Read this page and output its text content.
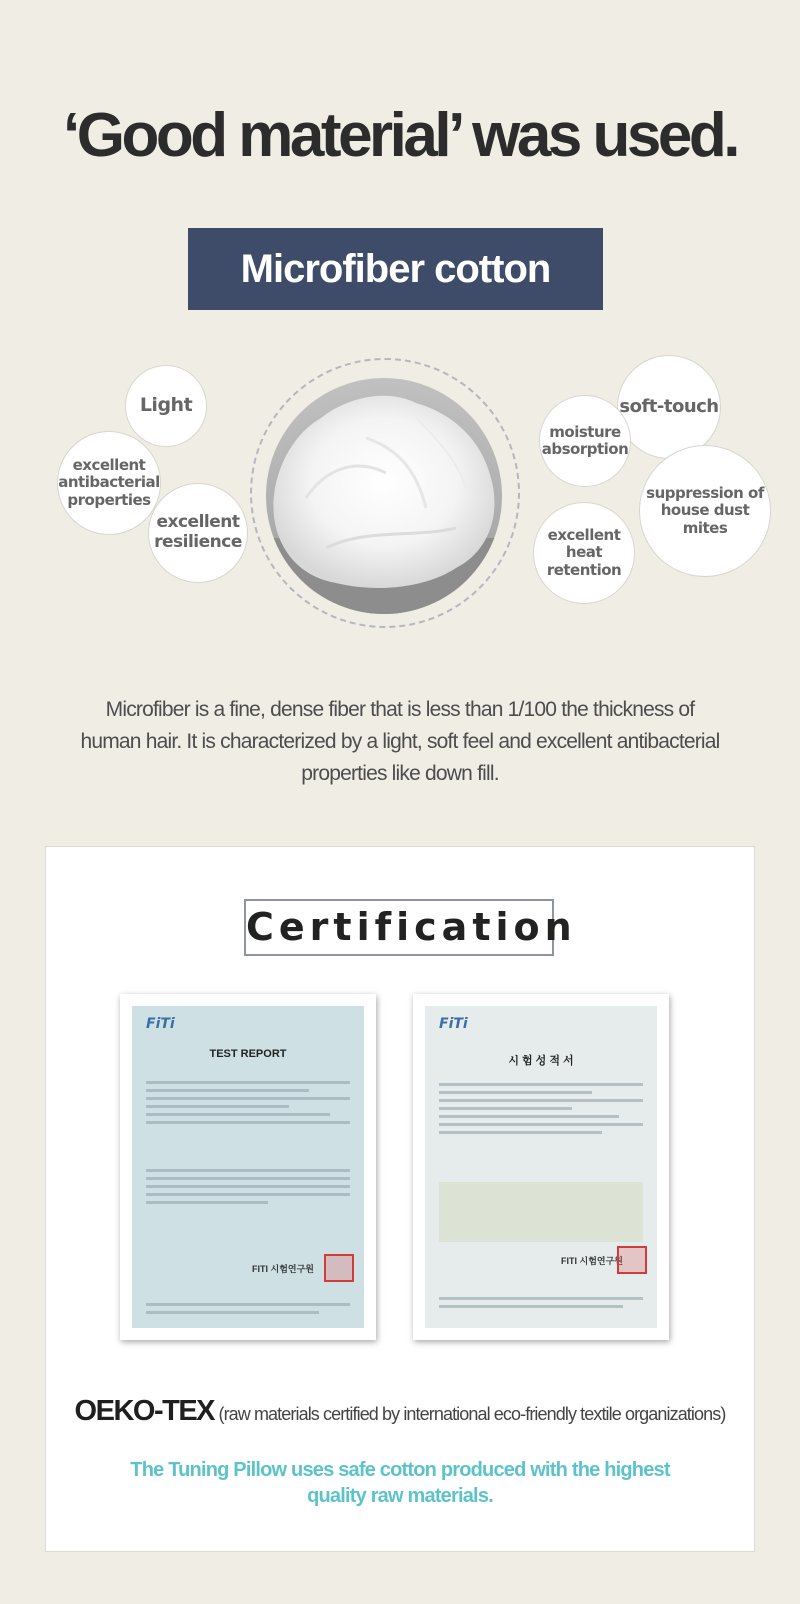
‘Good material’ was used.
Microfiber cotton
Light
excellent antibacterial properties
excellent resilience
soft-touch
moisture absorption
suppression of house dust mites
excellent heat retention
Microfiber is a fine, dense fiber that is less than 1/100 the thickness of human hair. It is characterized by a light, soft feel and excellent antibacterial properties like down fill.
Certification
FiTi
TEST REPORT
FITI 시험연구원
FiTi
시 험 성 적 서
FITI 시험연구원
OEKO-TEX (raw materials certified by international eco-friendly textile organizations)
The Tuning Pillow uses safe cotton produced with the highest quality raw materials.
